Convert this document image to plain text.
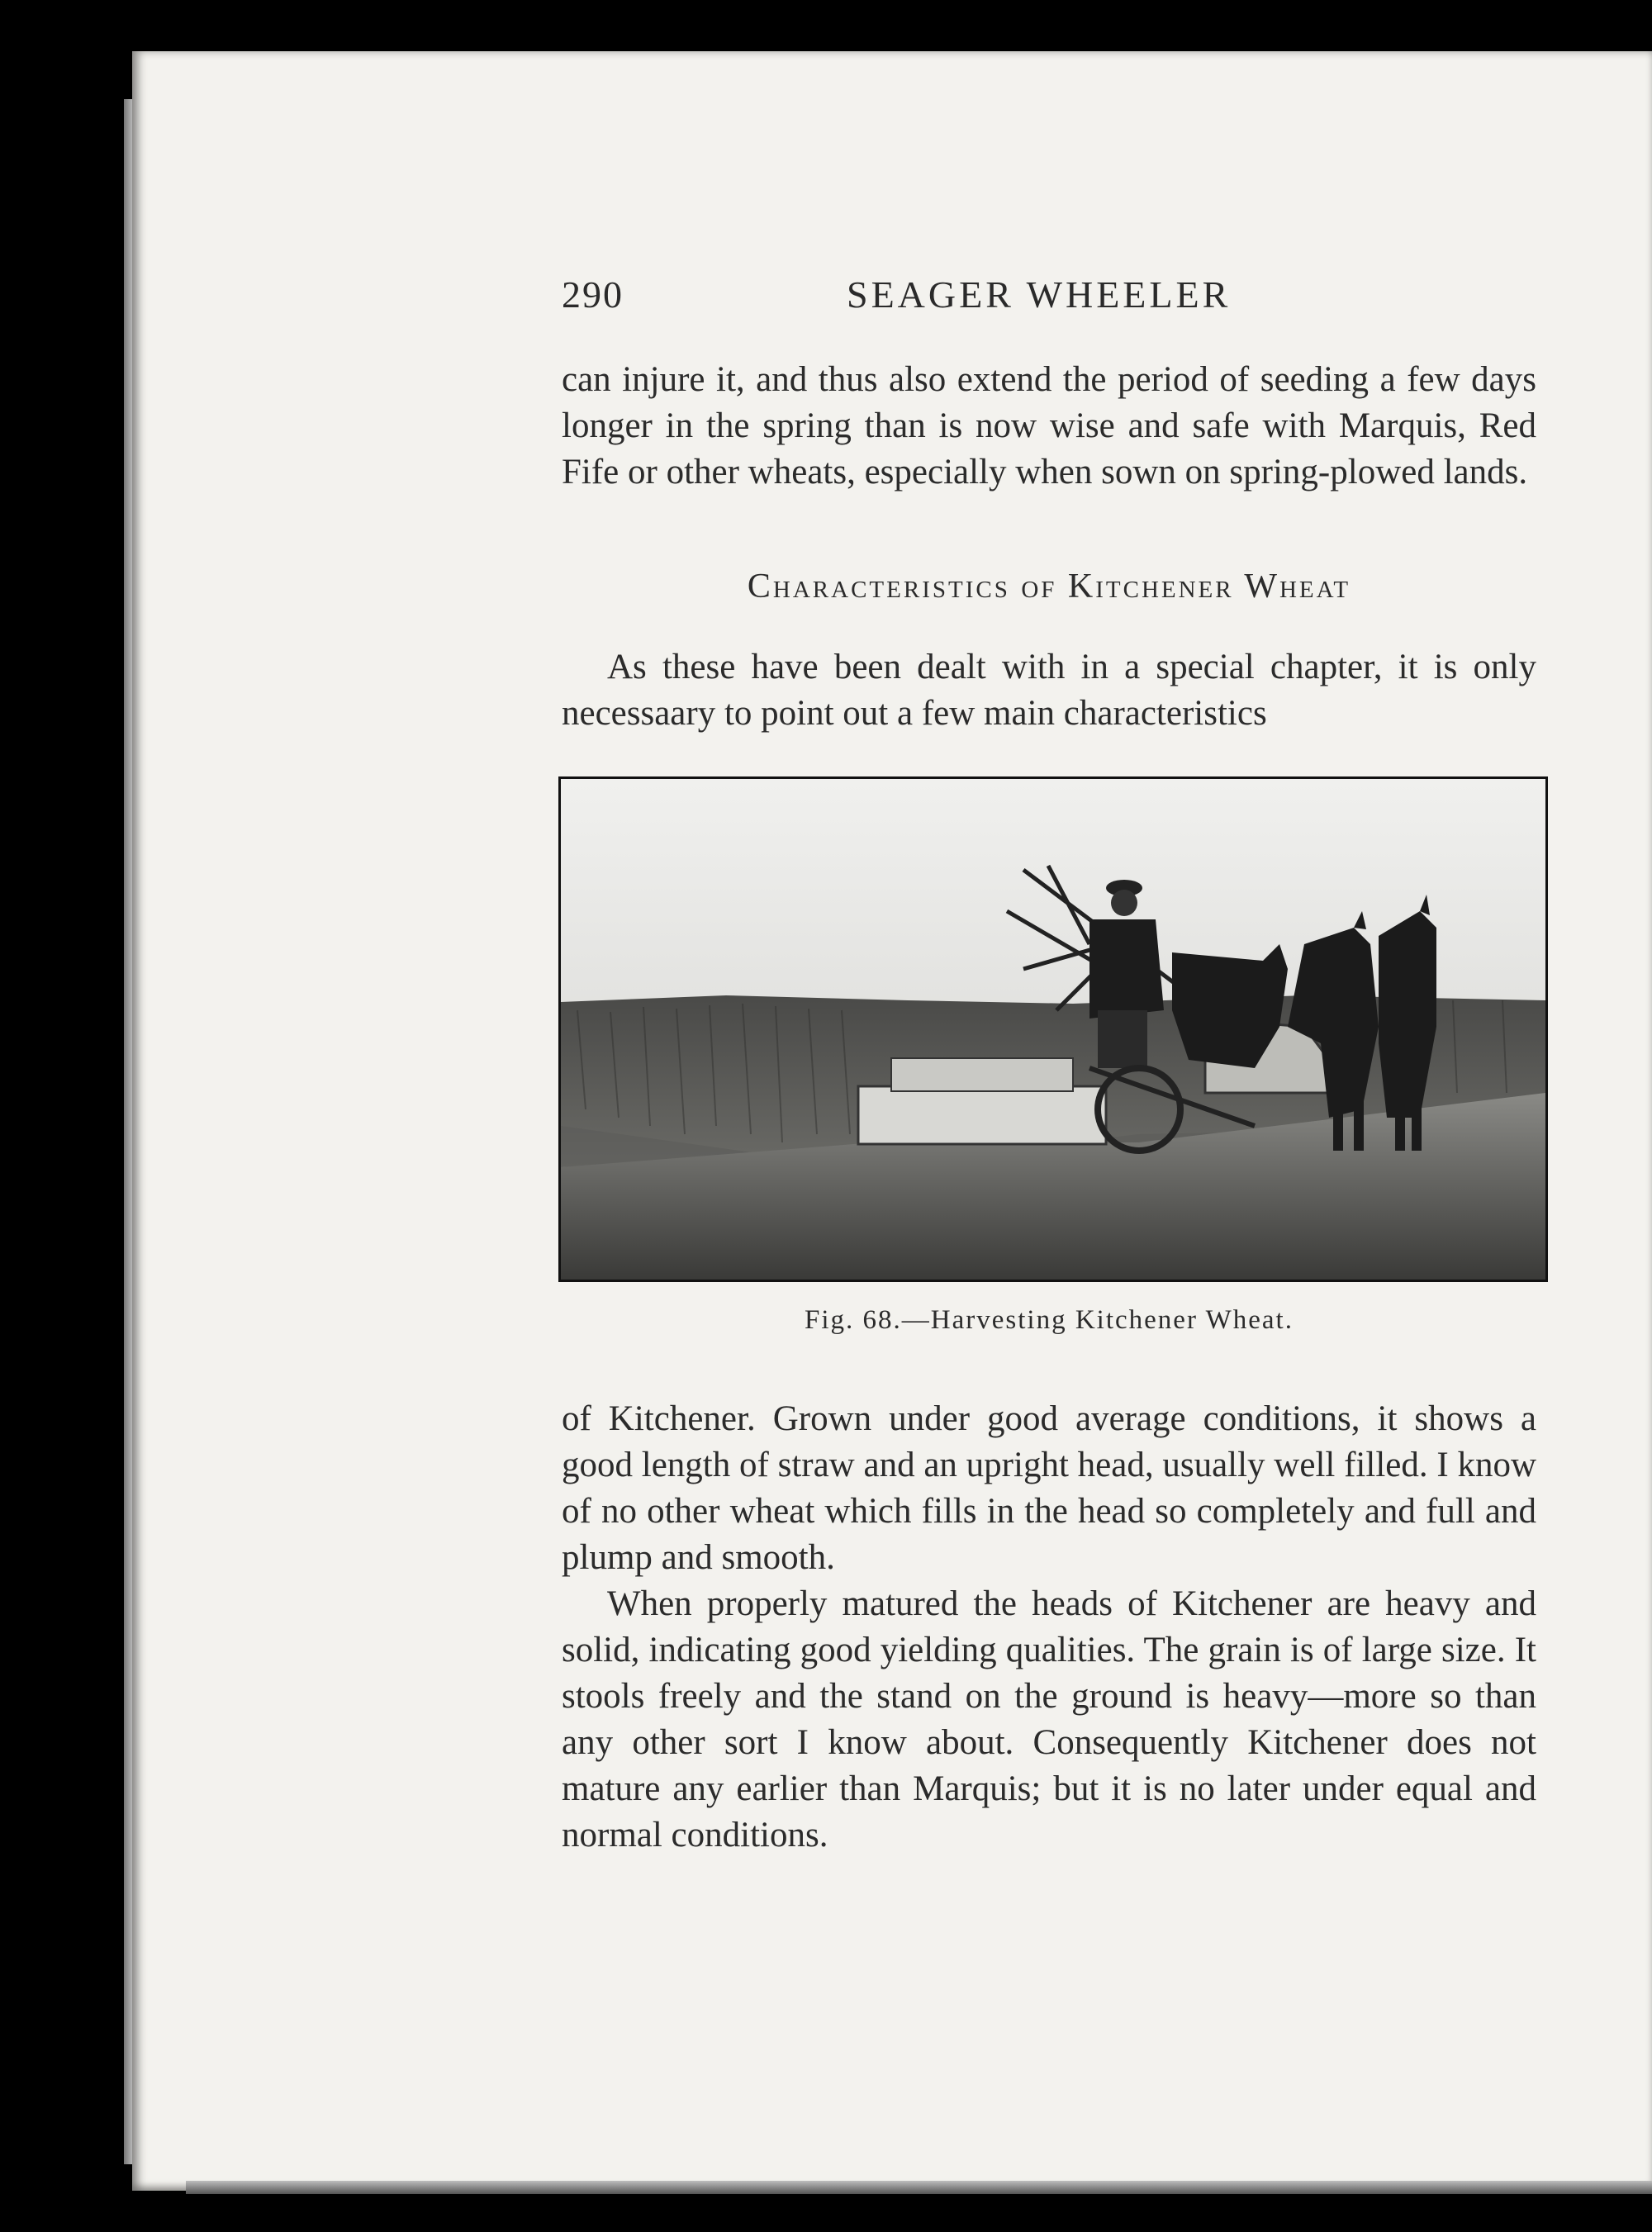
290	SEAGER WHEELER

can injure it, and thus also extend the period of seeding a few days longer in the spring than is now wise and safe with Marquis, Red Fife or other wheats, especially when sown on spring-plowed lands.

Characteristics of Kitchener Wheat

As these have been dealt with in a special chapter, it is only necessaary to point out a few main characteristics

Fig. 68.—Harvesting Kitchener Wheat.

of Kitchener. Grown under good average conditions, it shows a good length of straw and an upright head, usually well filled. I know of no other wheat which fills in the head so completely and full and plump and smooth.

When properly matured the heads of Kitchener are heavy and solid, indicating good yielding qualities. The grain is of large size. It stools freely and the stand on the ground is heavy—more so than any other sort I know about. Consequently Kitchener does not mature any earlier than Marquis; but it is no later under equal and normal conditions.
